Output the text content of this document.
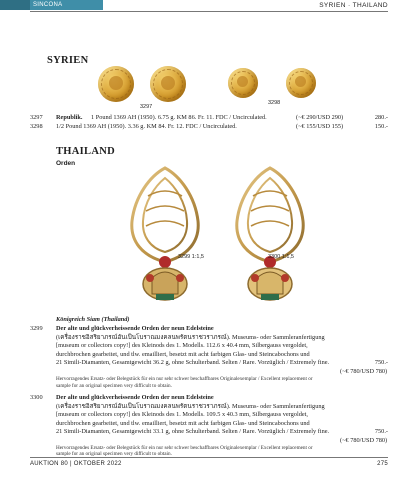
SINCONA	SYRIEN · THAILAND
SYRIEN
3297
3298
3297 Republik. 1 Pound 1369 AH (1950). 6.75 g. KM 86. Fr. 11. FDC / Uncirculated.	(~€ 290/USD 290)	280.-
3298 1/2 Pound 1369 AH (1950). 3.36 g. KM 84. Fr. 12. FDC / Uncirculated.	(~€ 155/USD 155)	150.-
THAILAND
Orden
3299 1:1,5	3300 1:1,5
Königreich Siam (Thailand)
3299 Der alte und glückverheissende Orden der neun Edelsteine
(เครื่องราชอิสริยาภรณ์อันเป็นโบราณมงคลนพรัตนราชวราภรณ์). Museums- oder Sammleranfertigung
[museum or collectors copy!] des Kleinods des 1. Modells. 112.6 x 40.4 mm, Silbergauss vergoldet,
durchbrochen gearbeitet, und tlw. emailliert, besetzt mit acht farbigen Glas- und Steincabochons und
21 Simili-Diamanten, Gesamtgewicht 36.2 g, ohne Schulterband. Selten / Rare. Vorzüglich / Extremely fine.
(~€ 780/USD 780)
750.-
Hervorragendes Ersatz- oder Belegstück für ein nur sehr schwer beschaffbares Originalexemplar / Excellent replacement or
sample for an original specimen very difficult to obtain.
3300 Der alte und glückverheissende Orden der neun Edelsteine
(เครื่องราชอิสริยาภรณ์อันเป็นโบราณมงคลนพรัตนราชวราภรณ์). Museums- oder Sammleranfertigung
[museum or collectors copy!] des Kleinods des 1. Modells. 109.5 x 40.3 mm, Silbergauss vergoldet,
durchbrochen gearbeitet, und tlw. emailliert, besetzt mit acht farbigen Glas- und Steincabochons und
21 Simili-Diamanten, Gesamtgewicht 33.1 g, ohne Schulterband. Selten / Rare. Vorzüglich / Extremely fine.
(~€ 780/USD 780)
750.-
Hervorragendes Ersatz- oder Belegstück für ein nur sehr schwer beschaffbares Originalexemplar / Excellent replacement or
sample for an original specimen very difficult to obtain.
AUKTION 80 | OKTOBER 2022	275
